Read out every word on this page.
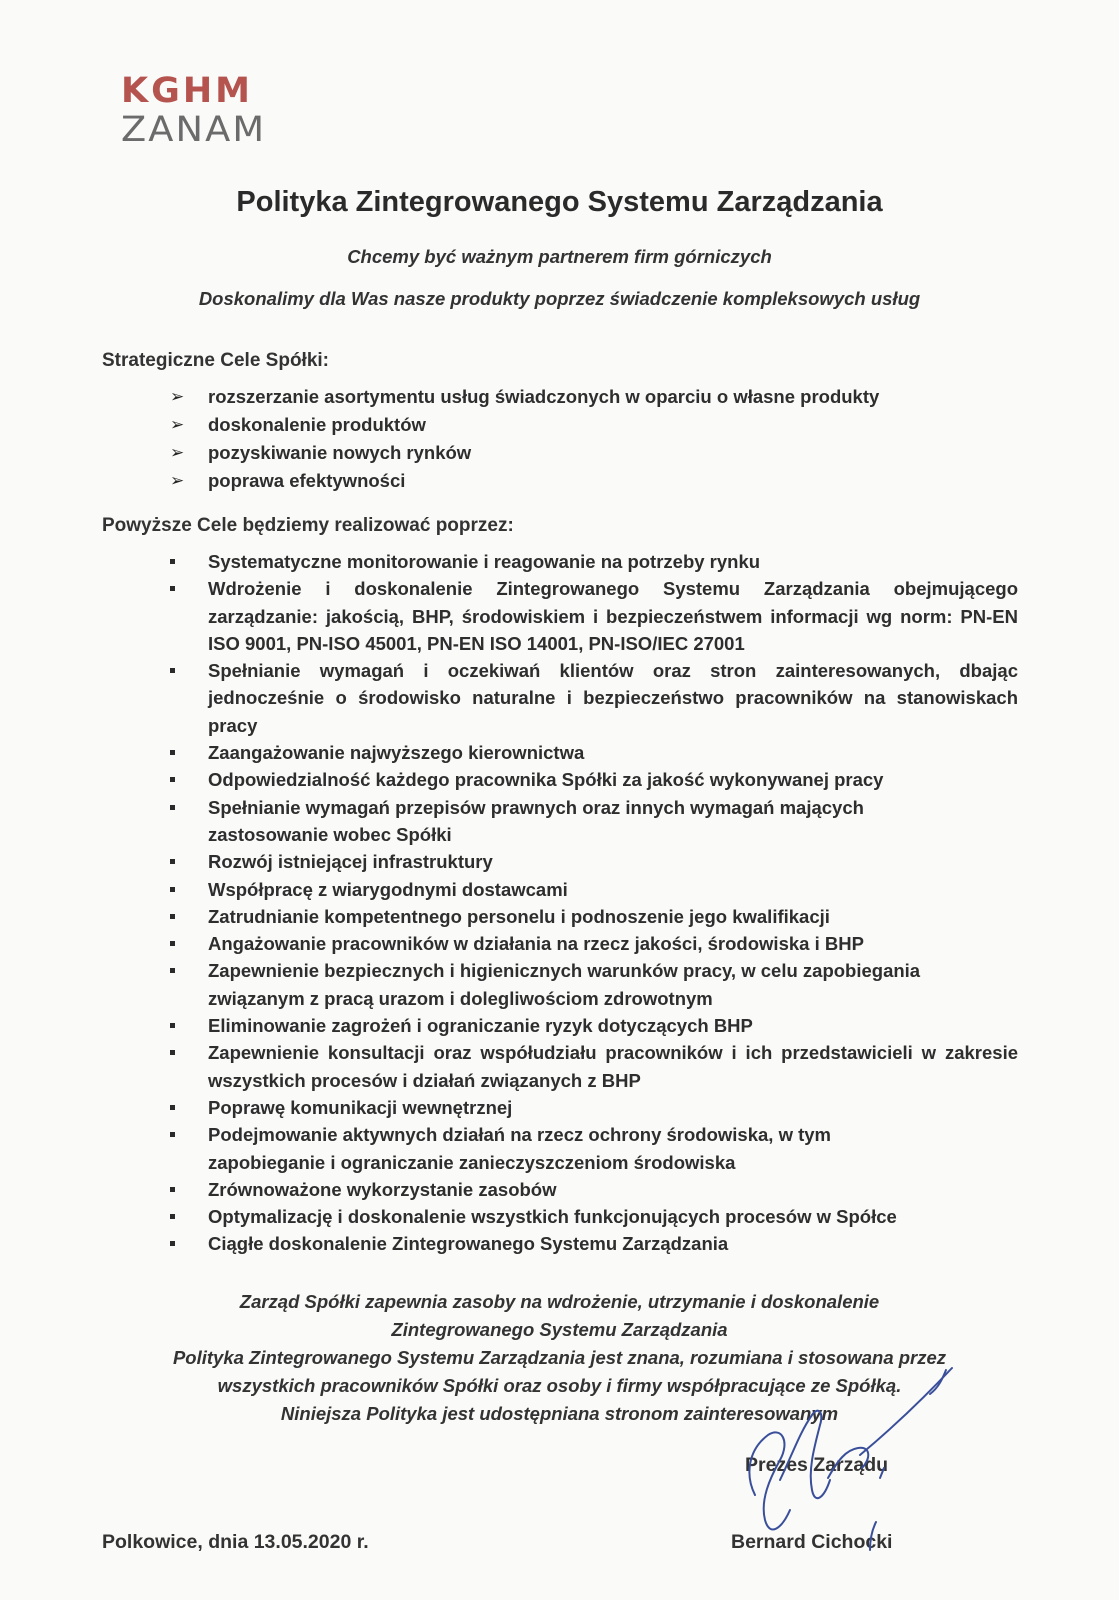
KGHM
ZANAM
Polityka Zintegrowanego Systemu Zarządzania
Chcemy być ważnym partnerem firm górniczych
Doskonalimy dla Was nasze produkty poprzez świadczenie kompleksowych usług
Strategiczne Cele Spółki:
➢ rozszerzanie asortymentu usług świadczonych w oparciu o własne produkty
➢ doskonalenie produktów
➢ pozyskiwanie nowych rynków
➢ poprawa efektywności
Powyższe Cele będziemy realizować poprzez:
Systematyczne monitorowanie i reagowanie na potrzeby rynku
Wdrożenie i doskonalenie Zintegrowanego Systemu Zarządzania obejmującego zarządzanie: jakością, BHP, środowiskiem i bezpieczeństwem informacji wg norm: PN-EN ISO 9001, PN-ISO 45001, PN-EN ISO 14001, PN-ISO/IEC 27001
Spełnianie wymagań i oczekiwań klientów oraz stron zainteresowanych, dbając jednocześnie o środowisko naturalne i bezpieczeństwo pracowników na stanowiskach pracy
Zaangażowanie najwyższego kierownictwa
Odpowiedzialność każdego pracownika Spółki za jakość wykonywanej pracy
Spełnianie wymagań przepisów prawnych oraz innych wymagań mających zastosowanie wobec Spółki
Rozwój istniejącej infrastruktury
Współpracę z wiarygodnymi dostawcami
Zatrudnianie kompetentnego personelu i podnoszenie jego kwalifikacji
Angażowanie pracowników w działania na rzecz jakości, środowiska i BHP
Zapewnienie bezpiecznych i higienicznych warunków pracy, w celu zapobiegania związanym z pracą urazom i dolegliwościom zdrowotnym
Eliminowanie zagrożeń i ograniczanie ryzyk dotyczących BHP
Zapewnienie konsultacji oraz współudziału pracowników i ich przedstawicieli w zakresie wszystkich procesów i działań związanych z BHP
Poprawę komunikacji wewnętrznej
Podejmowanie aktywnych działań na rzecz ochrony środowiska, w tym zapobieganie i ograniczanie zanieczyszczeniom środowiska
Zrównoważone wykorzystanie zasobów
Optymalizację i doskonalenie wszystkich funkcjonujących procesów w Spółce
Ciągłe doskonalenie Zintegrowanego Systemu Zarządzania
Zarząd Spółki zapewnia zasoby na wdrożenie, utrzymanie i doskonalenie
Zintegrowanego Systemu Zarządzania
Polityka Zintegrowanego Systemu Zarządzania jest znana, rozumiana i stosowana przez
wszystkich pracowników Spółki oraz osoby i firmy współpracujące ze Spółką.
Niniejsza Polityka jest udostępniana stronom zainteresowanym
Prezes Zarządu
Polkowice, dnia 13.05.2020 r.	Bernard Cichocki
